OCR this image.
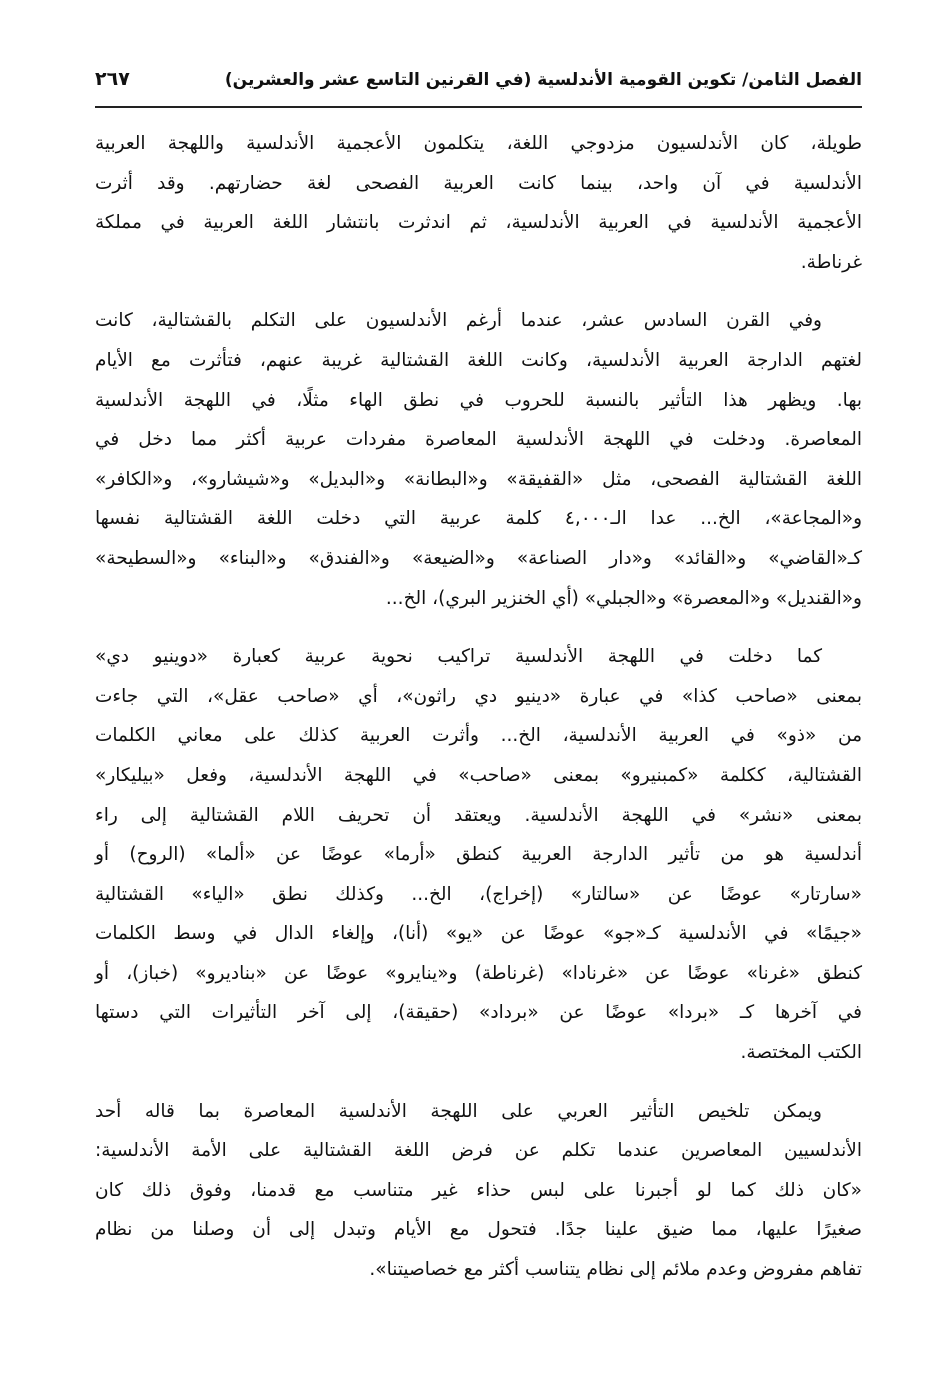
الفصل الثامن/ تكوين القومية الأندلسية (في القرنين التاسع عشر والعشرين)
٢٦٧

طويلة، كان الأندلسيون مزدوجي اللغة، يتكلمون الأعجمية الأندلسية واللهجة العربية
الأندلسية في آن واحد، بينما كانت العربية الفصحى لغة حضارتهم. وقد أثرت
الأعجمية الأندلسية في العربية الأندلسية، ثم اندثرت بانتشار اللغة العربية في مملكة
غرناطة.

وفي القرن السادس عشر، عندما أرغم الأندلسيون على التكلم بالقشتالية، كانت
لغتهم الدارجة العربية الأندلسية، وكانت اللغة القشتالية غريبة عنهم، فتأثرت مع الأيام
بها. ويظهر هذا التأثير بالنسبة للحروب في نطق الهاء مثلًا، في اللهجة الأندلسية
المعاصرة. ودخلت في اللهجة الأندلسية المعاصرة مفردات عربية أكثر مما دخل في
اللغة القشتالية الفصحى، مثل «القفيقة» و«البطانة» و«البديل» و«شيشارو»، و«الكافر»
و«المجاعة»، الخ... عدا الـ٤,٠٠٠ كلمة عربية التي دخلت اللغة القشتالية نفسها
كـ«القاضي» و«القائد» و«دار الصناعة» و«الضيعة» و«الفندق» و«البناء» و«السطيحة»
و«القنديل» و«المعصرة» و«الجبلي» (أي الخنزير البري)، الخ...

كما دخلت في اللهجة الأندلسية تراكيب نحوية عربية كعبارة «دوينيو دي»
بمعنى «صاحب كذا» في عبارة «دينيو دي راثون»، أي «صاحب عقل»، التي جاءت
من «ذو» في العربية الأندلسية، الخ... وأثرت العربية كذلك على معاني الكلمات
القشتالية، ككلمة «كمبنيرو» بمعنى «صاحب» في اللهجة الأندلسية، وفعل «بيليكار»
بمعنى «نشر» في اللهجة الأندلسية. ويعتقد أن تحريف اللام القشتالية إلى راء
أندلسية هو من تأثير الدارجة العربية كنطق «أرما» عوضًا عن «ألما» (الروح) أو
«سارتار» عوضًا عن «سالتار» (إخراج)، الخ... وكذلك نطق «الياء» القشتالية
«جيمًا» في الأندلسية كـ«جو» عوضًا عن «يو» (أنا)، وإلغاء الدال في وسط الكلمات
كنطق «غرنا» عوضًا عن «غرنادا» (غرناطة) و«ينايرو» عوضًا عن «بناديرو» (خباز)، أو
في آخرها كـ «بردا» عوضًا عن «برداد» (حقيقة)، إلى آخر التأثيرات التي دستها
الكتب المختصة.

ويمكن تلخيص التأثير العربي على اللهجة الأندلسية المعاصرة بما قاله أحد
الأندلسيين المعاصرين عندما تكلم عن فرض اللغة القشتالية على الأمة الأندلسية:
«كان ذلك كما لو أجبرنا على لبس حذاء غير متناسب مع قدمنا، وفوق ذلك كان
صغيرًا عليها، مما ضيق علينا جدًا. فتحول مع الأيام وتبدل إلى أن وصلنا من نظام
تفاهم مفروض وعدم ملائم إلى نظام يتناسب أكثر مع خصاصيتنا».
